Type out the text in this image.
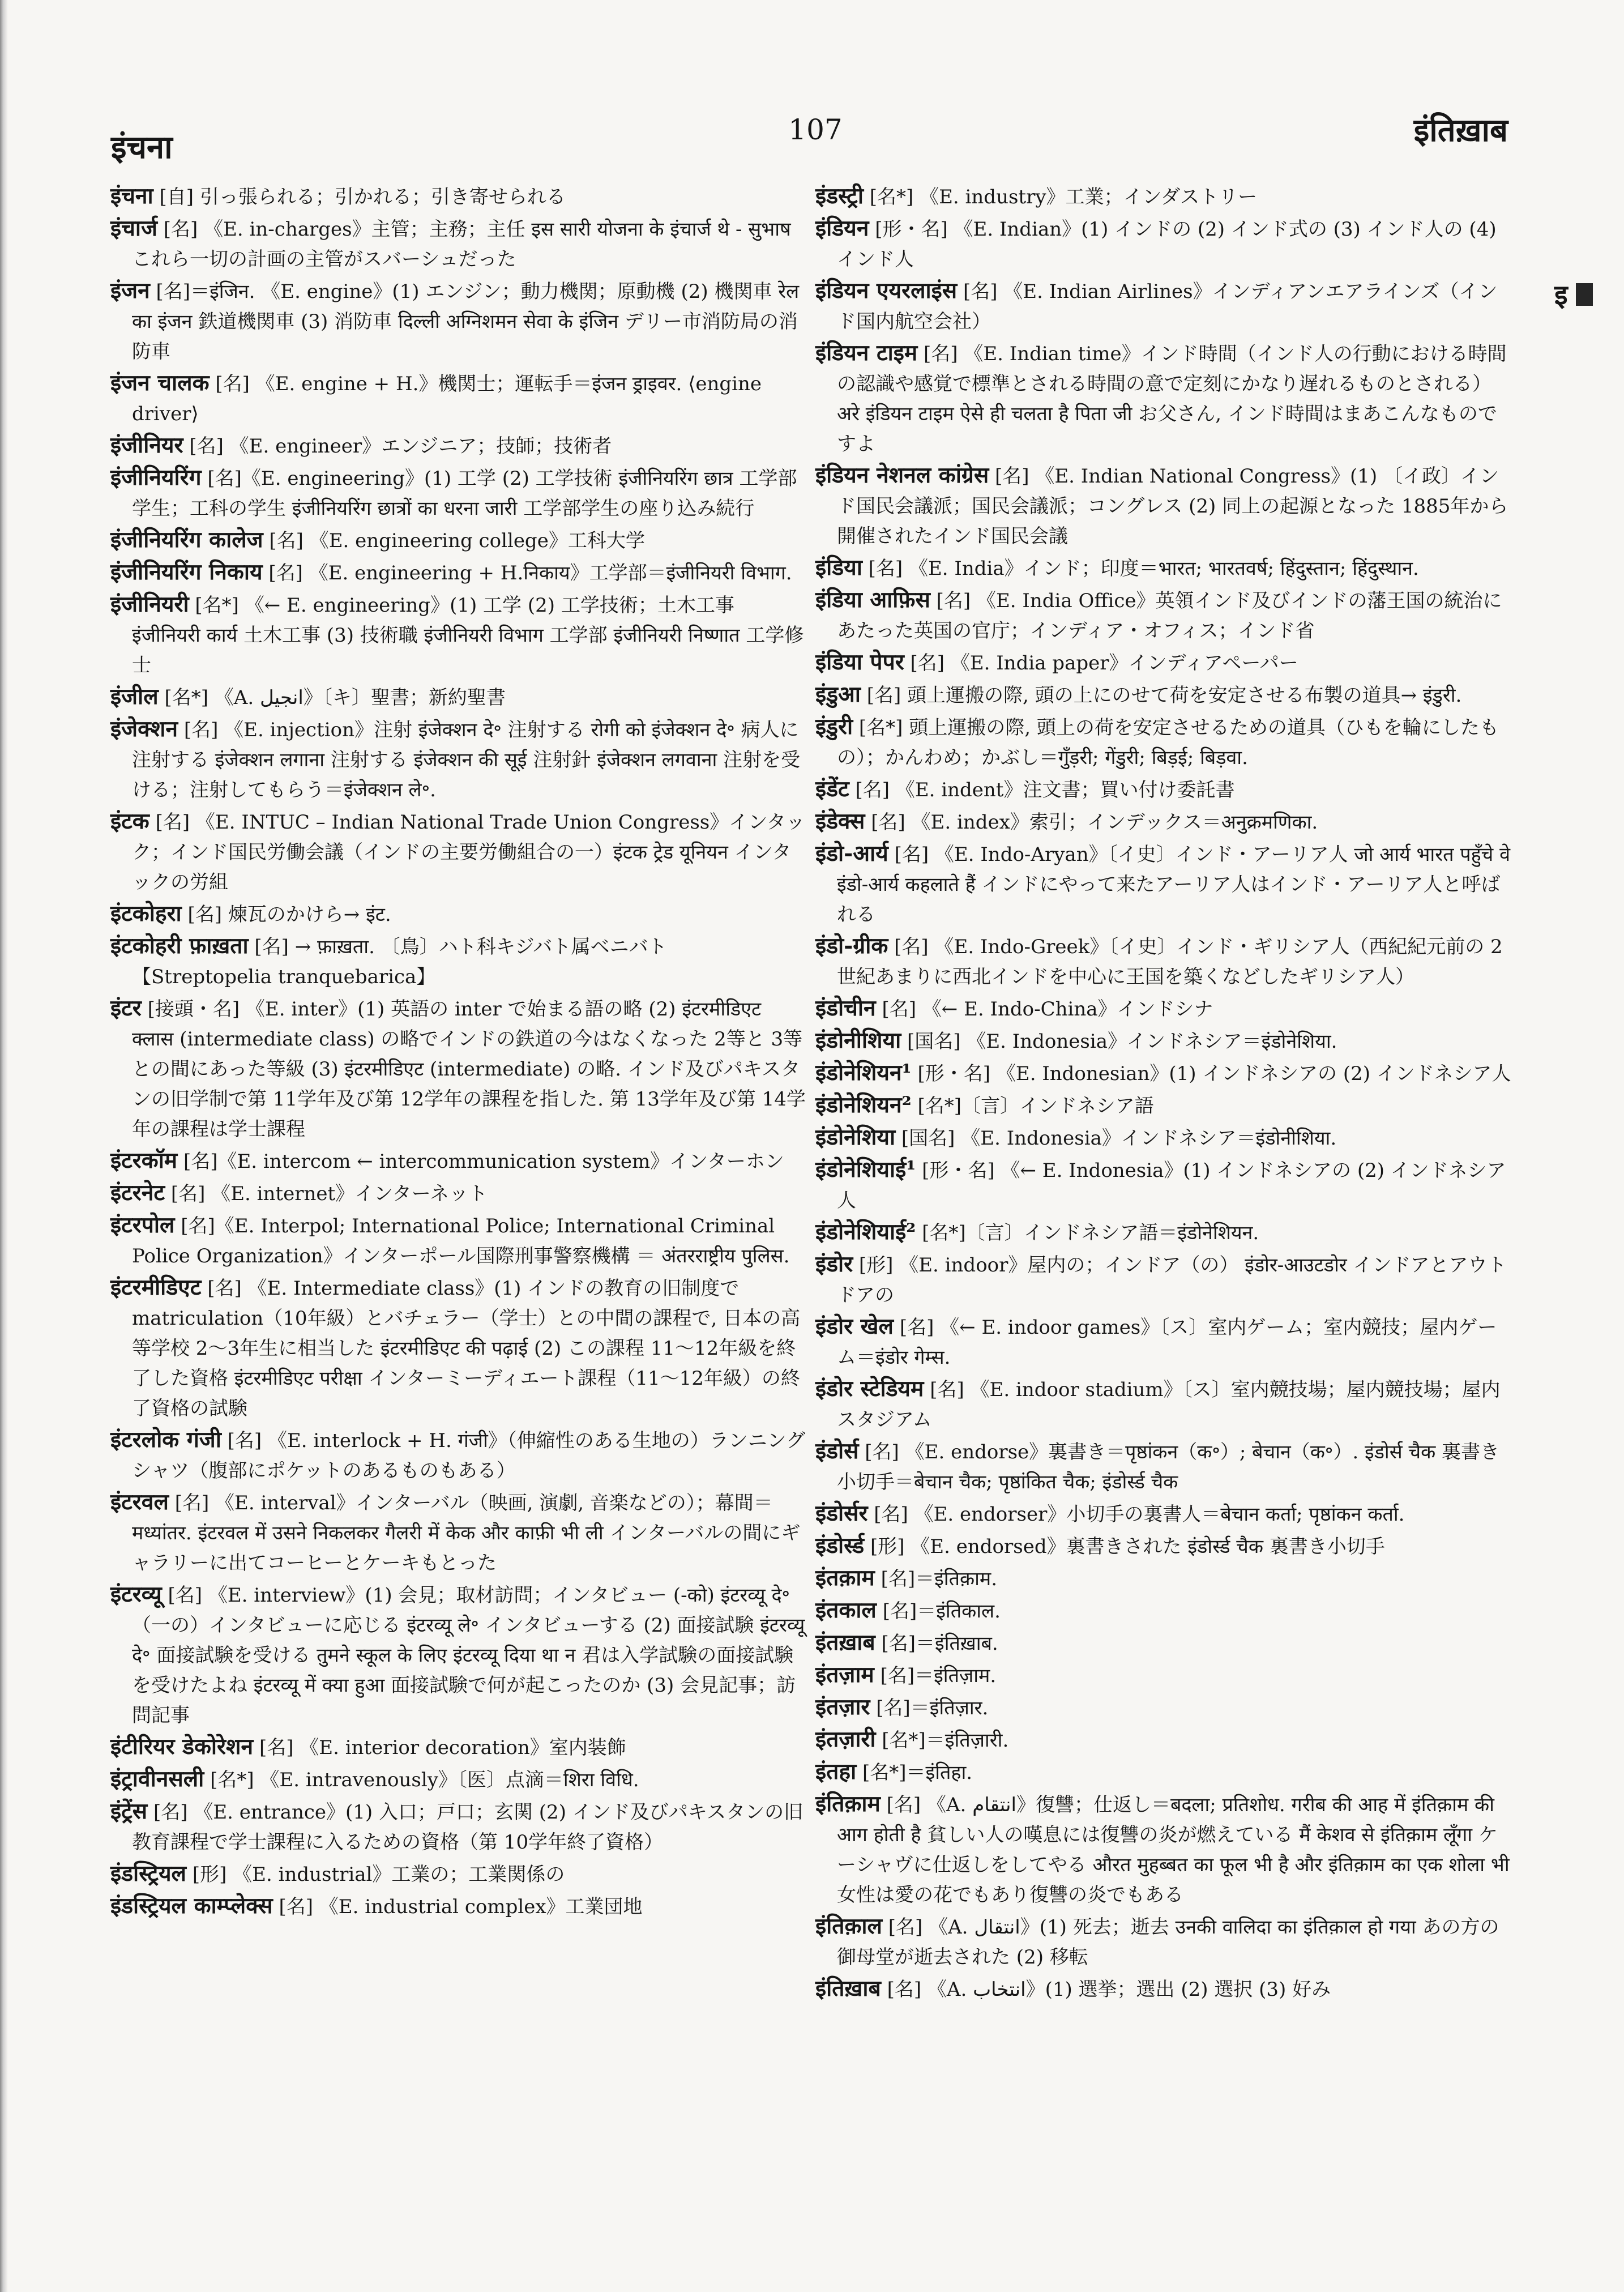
इंचना	107	इंतिख़ाब
इ

इंचना [自] 引っ張られる；引かれる；引き寄せられる

इंचार्ज [名] 《E. in-charges》主管；主務；主任 इस सारी योजना के इंचार्ज थे - सुभाष これら一切の計画の主管がスバーシュだった

इंजन [名]＝इंजिन. 《E. engine》(1) エンジン；動力機関；原動機 (2) 機関車 रेल का इंजन 鉄道機関車 (3) 消防車 दिल्ली अग्निशमन सेवा के इंजिन デリー市消防局の消防車

इंजन चालक [名] 《E. engine + H.》機関士；運転手＝इंजन ड्राइवर. ⟨engine driver⟩

इंजीनियर [名] 《E. engineer》エンジニア；技師；技術者

इंजीनियरिंग [名]《E. engineering》(1) 工学 (2) 工学技術 इंजीनियरिंग छात्र 工学部学生；工科の学生 इंजीनियरिंग छात्रों का धरना जारी 工学部学生の座り込み続行

इंजीनियरिंग कालेज [名] 《E. engineering college》工科大学

इंजीनियरिंग निकाय [名] 《E. engineering + H.निकाय》工学部＝इंजीनियरी विभाग.

इंजीनियरी [名*] 《← E. engineering》(1) 工学 (2) 工学技術；土木工事 इंजीनियरी कार्य 土木工事 (3) 技術職 इंजीनियरी विभाग 工学部 इंजीनियरी निष्णात 工学修士

इंजील [名*] 《A. انجیل》〔キ〕聖書；新約聖書

इंजेक्शन [名] 《E. injection》注射 इंजेक्शन दे॰ 注射する रोगी को इंजेक्शन दे॰ 病人に注射する इंजेक्शन लगाना 注射する इंजेक्शन की सूई 注射針 इंजेक्शन लगवाना 注射を受ける；注射してもらう＝इंजेक्शन ले॰.

इंटक [名] 《E. INTUC – Indian National Trade Union Congress》インタック；インド国民労働会議（インドの主要労働組合の一）इंटक ट्रेड यूनियन インタックの労組

इंटकोहरा [名] 煉瓦のかけら→ इंट.

इंटकोहरी फ़ाख़ता [名] → फ़ाख़ता. 〔鳥〕ハト科キジバト属ベニバト【Streptopelia tranquebarica】

इंटर [接頭・名] 《E. inter》(1) 英語の inter で始まる語の略 (2) इंटरमीडिएट क्लास (intermediate class) の略でインドの鉄道の今はなくなった 2等と 3等との間にあった等級 (3) इंटरमीडिएट (intermediate) の略. インド及びパキスタンの旧学制で第 11学年及び第 12学年の課程を指した. 第 13学年及び第 14学年の課程は学士課程

इंटरकॉम [名]《E. intercom ← intercommunication system》インターホン

इंटरनेट [名] 《E. internet》インターネット

इंटरपोल [名]《E. Interpol; International Police; International Criminal Police Organization》インターポール国際刑事警察機構 ＝ अंतरराष्ट्रीय पुलिस.

इंटरमीडिएट [名] 《E. Intermediate class》(1) インドの教育の旧制度で matriculation（10年級）とバチェラー（学士）との中間の課程で, 日本の高等学校 2〜3年生に相当した इंटरमीडिएट की पढ़ाई (2) この課程 11〜12年級を終了した資格 इंटरमीडिएट परीक्षा インターミーディエート課程（11〜12年級）の終了資格の試験

इंटरलोक गंजी [名] 《E. interlock + H. गंजी》（伸縮性のある生地の）ランニングシャツ（腹部にポケットのあるものもある）

इंटरवल [名] 《E. interval》インターバル（映画, 演劇, 音楽などの）；幕間＝मध्यांतर. इंटरवल में उसने निकलकर गैलरी में केक और काफ़ी भी ली インターバルの間にギャラリーに出てコーヒーとケーキもとった

इंटरव्यू [名] 《E. interview》(1) 会見；取材訪問；インタビュー (-को) इंटरव्यू दे॰ （一の）インタビューに応じる इंटरव्यू ले॰ インタビューする (2) 面接試験 इंटरव्यू दे॰ 面接試験を受ける तुमने स्कूल के लिए इंटरव्यू दिया था न 君は入学試験の面接試験を受けたよね इंटरव्यू में क्या हुआ 面接試験で何が起こったのか (3) 会見記事；訪問記事

इंटीरियर डेकोरेशन [名] 《E. interior decoration》室内装飾

इंट्रावीनसली [名*] 《E. intravenously》〔医〕点滴＝शिरा विधि.

इंट्रेंस [名] 《E. entrance》(1) 入口；戸口；玄関 (2) インド及びパキスタンの旧教育課程で学士課程に入るための資格（第 10学年終了資格）

इंडस्ट्रियल [形] 《E. industrial》工業の；工業関係の

इंडस्ट्रियल काम्प्लेक्स [名] 《E. industrial complex》工業団地

इंडस्ट्री [名*] 《E. industry》工業；インダストリー

इंडियन [形・名] 《E. Indian》(1) インドの (2) インド式の (3) インド人の (4) インド人

इंडियन एयरलाइंस [名] 《E. Indian Airlines》インディアンエアラインズ（インド国内航空会社）

इंडियन टाइम [名] 《E. Indian time》インド時間（インド人の行動における時間の認識や感覚で標準とされる時間の意で定刻にかなり遅れるものとされる） अरे इंडियन टाइम ऐसे ही चलता है पिता जी お父さん, インド時間はまあこんなものですよ

इंडियन नेशनल कांग्रेस [名] 《E. Indian National Congress》(1) 〔イ政〕インド国民会議派；国民会議派；コングレス (2) 同上の起源となった 1885年から開催されたインド国民会議

इंडिया [名] 《E. India》インド；印度＝भारत; भारतवर्ष; हिंदुस्तान; हिंदुस्थान.

इंडिया आफ़िस [名] 《E. India Office》英領インド及びインドの藩王国の統治にあたった英国の官庁；インディア・オフィス；インド省

इंडिया पेपर [名] 《E. India paper》インディアペーパー

इंडुआ [名] 頭上運搬の際, 頭の上にのせて荷を安定させる布製の道具→ इंडुरी.

इंडुरी [名*] 頭上運搬の際, 頭上の荷を安定させるための道具（ひもを輪にしたもの）；かんわめ；かぶし＝गुँड़री; गेंडुरी; बिड़ई; बिड़वा.

इंडेंट [名] 《E. indent》注文書；買い付け委託書

इंडेक्स [名] 《E. index》索引；インデックス＝अनुक्रमणिका.

इंडो-आर्य [名] 《E. Indo-Aryan》〔イ史〕インド・アーリア人 जो आर्य भारत पहुँचे वे इंडो-आर्य कहलाते हैं インドにやって来たアーリア人はインド・アーリア人と呼ばれる

इंडो-ग्रीक [名] 《E. Indo-Greek》〔イ史〕インド・ギリシア人（西紀紀元前の 2世紀あまりに西北インドを中心に王国を築くなどしたギリシア人）

इंडोचीन [名] 《← E. Indo-China》インドシナ

इंडोनीशिया [国名] 《E. Indonesia》インドネシア＝इंडोनेशिया.

इंडोनेशियन¹ [形・名] 《E. Indonesian》(1) インドネシアの (2) インドネシア人

इंडोनेशियन² [名*]〔言〕インドネシア語

इंडोनेशिया [国名] 《E. Indonesia》インドネシア＝इंडोनीशिया.

इंडोनेशियाई¹ [形・名] 《← E. Indonesia》(1) インドネシアの (2) インドネシア人

इंडोनेशियाई² [名*]〔言〕インドネシア語＝इंडोनेशियन.

इंडोर [形] 《E. indoor》屋内の；インドア（の） इंडोर-आउटडोर インドアとアウトドアの

इंडोर खेल [名] 《← E. indoor games》〔ス〕室内ゲーム；室内競技；屋内ゲーム＝इंडोर गेम्स.

इंडोर स्टेडियम [名] 《E. indoor stadium》〔ス〕室内競技場；屋内競技場；屋内スタジアム

इंडोर्स [名] 《E. endorse》裏書き＝पृष्ठांकन（क॰）; बेचान（क॰）. इंडोर्स चैक 裏書き小切手＝बेचान चैक; पृष्ठांकित चैक; इंडोर्स्ड चैक

इंडोर्सर [名] 《E. endorser》小切手の裏書人＝बेचान कर्ता; पृष्ठांकन कर्ता.

इंडोर्स्ड [形] 《E. endorsed》裏書きされた इंडोर्स्ड चैक 裏書き小切手

इंतक़ाम [名]＝इंतिक़ाम.

इंतकाल [名]＝इंतिकाल.

इंतख़ाब [名]＝इंतिख़ाब.

इंतज़ाम [名]＝इंतिज़ाम.

इंतज़ार [名]＝इंतिज़ार.

इंतज़ारी [名*]＝इंतिज़ारी.

इंतहा [名*]＝इंतिहा.

इंतिक़ाम [名] 《A. انتقام》復讐；仕返し＝बदला; प्रतिशोध. गरीब की आह में इंतिक़ाम की आग होती है 貧しい人の嘆息には復讐の炎が燃えている मैं केशव से इंतिक़ाम लूँगा ケーシャヴに仕返しをしてやる औरत मुहब्बत का फूल भी है और इंतिक़ाम का एक शोला भी 女性は愛の花でもあり復讐の炎でもある

इंतिक़ाल [名] 《A. انتقال》(1) 死去；逝去 उनकी वालिदा का इंतिक़ाल हो गया あの方の御母堂が逝去された (2) 移転

इंतिख़ाब [名] 《A. انتخاب》(1) 選挙；選出 (2) 選択 (3) 好み
